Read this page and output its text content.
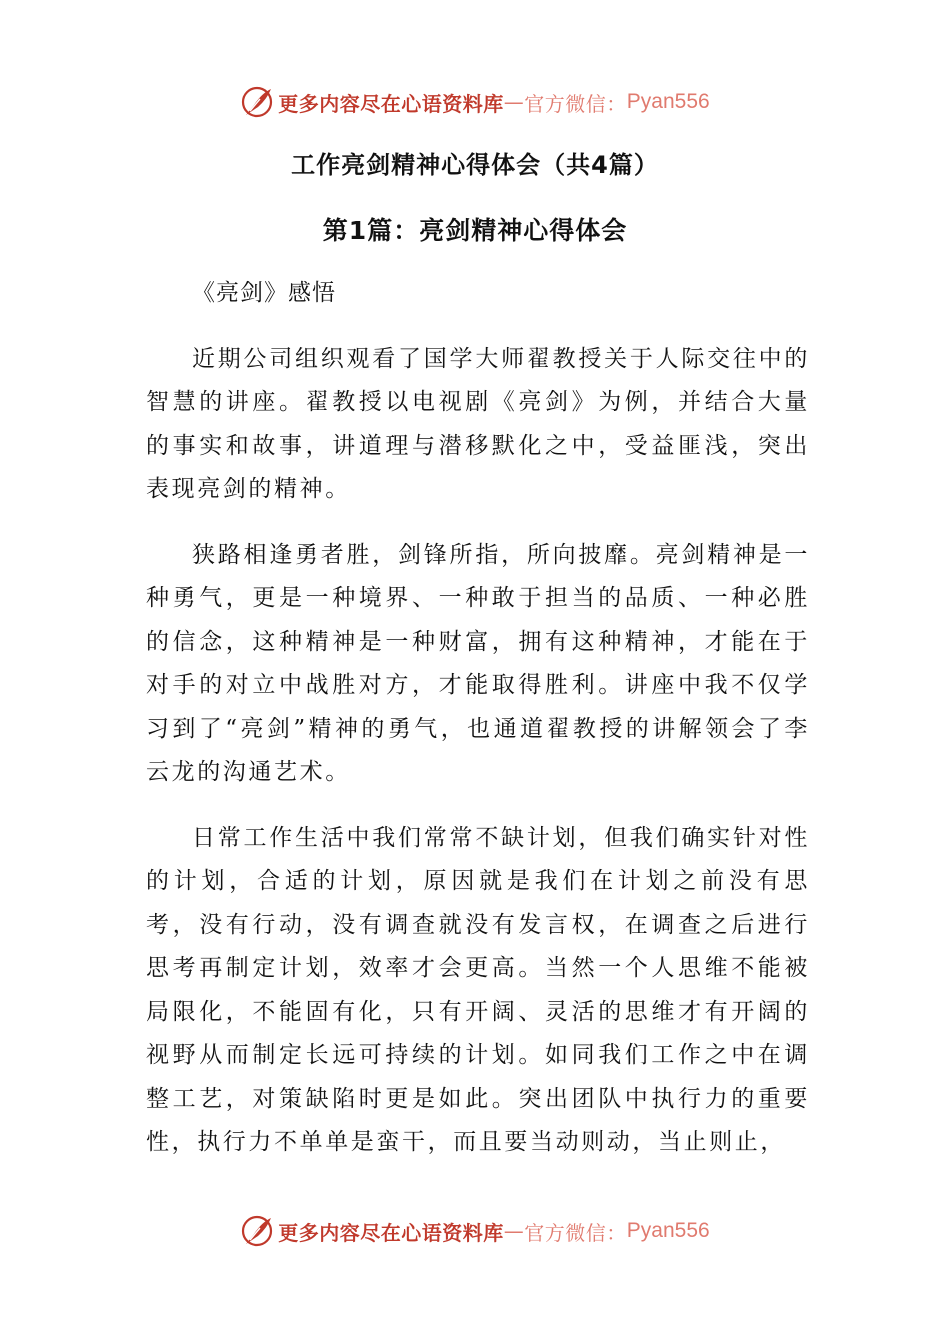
更多内容尽在心语资料库 — 官方微信： Pyan556
工作亮剑精神心得体会（共4篇）
第1篇：亮剑精神心得体会

《亮剑》感悟

近期公司组织观看了国学大师翟教授关于人际交往中的智慧的讲座。翟教授以电视剧《亮剑》为例，并结合大量的事实和故事，讲道理与潜移默化之中，受益匪浅，突出表现亮剑的精神。

狭路相逢勇者胜，剑锋所指，所向披靡。亮剑精神是一种勇气，更是一种境界、一种敢于担当的品质、一种必胜的信念，这种精神是一种财富，拥有这种精神，才能在于对手的对立中战胜对方，才能取得胜利。讲座中我不仅学习到了“亮剑”精神的勇气，也通道翟教授的讲解领会了李云龙的沟通艺术。

日常工作生活中我们常常不缺计划，但我们确实针对性的计划，合适的计划，原因就是我们在计划之前没有思考，没有行动，没有调查就没有发言权，在调查之后进行思考再制定计划，效率才会更高。当然一个人思维不能被局限化，不能固有化，只有开阔、灵活的思维才有开阔的视野从而制定长远可持续的计划。如同我们工作之中在调整工艺，对策缺陷时更是如此。突出团队中执行力的重要性，执行力不单单是蛮干，而且要当动则动，当止则止，

更多内容尽在心语资料库 — 官方微信： Pyan556
